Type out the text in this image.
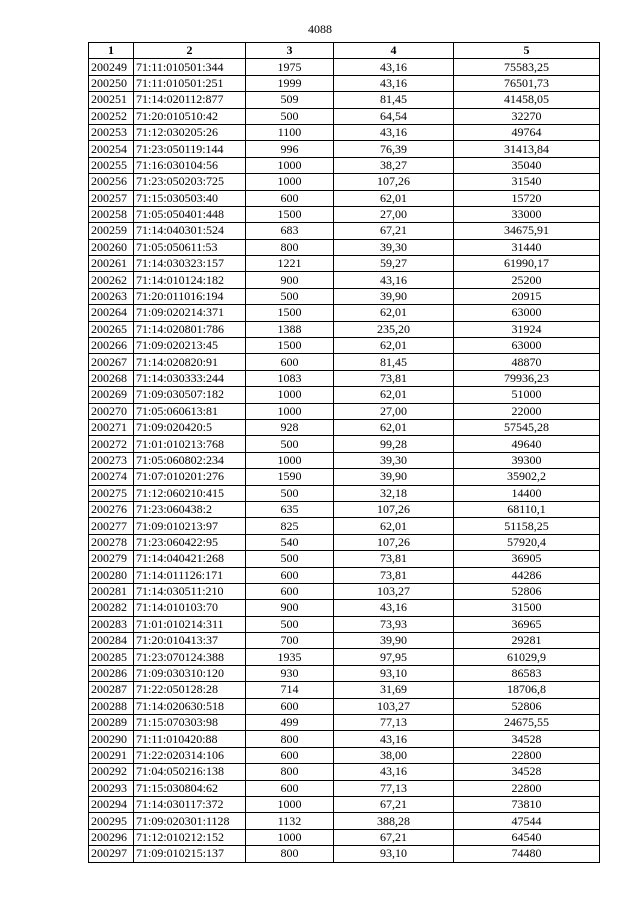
4088
1	2	3	4	5
200249	71:11:010501:344	1975	43,16	75583,25
200250	71:11:010501:251	1999	43,16	76501,73
200251	71:14:020112:877	509	81,45	41458,05
200252	71:20:010510:42	500	64,54	32270
200253	71:12:030205:26	1100	43,16	49764
200254	71:23:050119:144	996	76,39	31413,84
200255	71:16:030104:56	1000	38,27	35040
200256	71:23:050203:725	1000	107,26	31540
200257	71:15:030503:40	600	62,01	15720
200258	71:05:050401:448	1500	27,00	33000
200259	71:14:040301:524	683	67,21	34675,91
200260	71:05:050611:53	800	39,30	31440
200261	71:14:030323:157	1221	59,27	61990,17
200262	71:14:010124:182	900	43,16	25200
200263	71:20:011016:194	500	39,90	20915
200264	71:09:020214:371	1500	62,01	63000
200265	71:14:020801:786	1388	235,20	31924
200266	71:09:020213:45	1500	62,01	63000
200267	71:14:020820:91	600	81,45	48870
200268	71:14:030333:244	1083	73,81	79936,23
200269	71:09:030507:182	1000	62,01	51000
200270	71:05:060613:81	1000	27,00	22000
200271	71:09:020420:5	928	62,01	57545,28
200272	71:01:010213:768	500	99,28	49640
200273	71:05:060802:234	1000	39,30	39300
200274	71:07:010201:276	1590	39,90	35902,2
200275	71:12:060210:415	500	32,18	14400
200276	71:23:060438:2	635	107,26	68110,1
200277	71:09:010213:97	825	62,01	51158,25
200278	71:23:060422:95	540	107,26	57920,4
200279	71:14:040421:268	500	73,81	36905
200280	71:14:011126:171	600	73,81	44286
200281	71:14:030511:210	600	103,27	52806
200282	71:14:010103:70	900	43,16	31500
200283	71:01:010214:311	500	73,93	36965
200284	71:20:010413:37	700	39,90	29281
200285	71:23:070124:388	1935	97,95	61029,9
200286	71:09:030310:120	930	93,10	86583
200287	71:22:050128:28	714	31,69	18706,8
200288	71:14:020630:518	600	103,27	52806
200289	71:15:070303:98	499	77,13	24675,55
200290	71:11:010420:88	800	43,16	34528
200291	71:22:020314:106	600	38,00	22800
200292	71:04:050216:138	800	43,16	34528
200293	71:15:030804:62	600	77,13	22800
200294	71:14:030117:372	1000	67,21	73810
200295	71:09:020301:1128	1132	388,28	47544
200296	71:12:010212:152	1000	67,21	64540
200297	71:09:010215:137	800	93,10	74480
